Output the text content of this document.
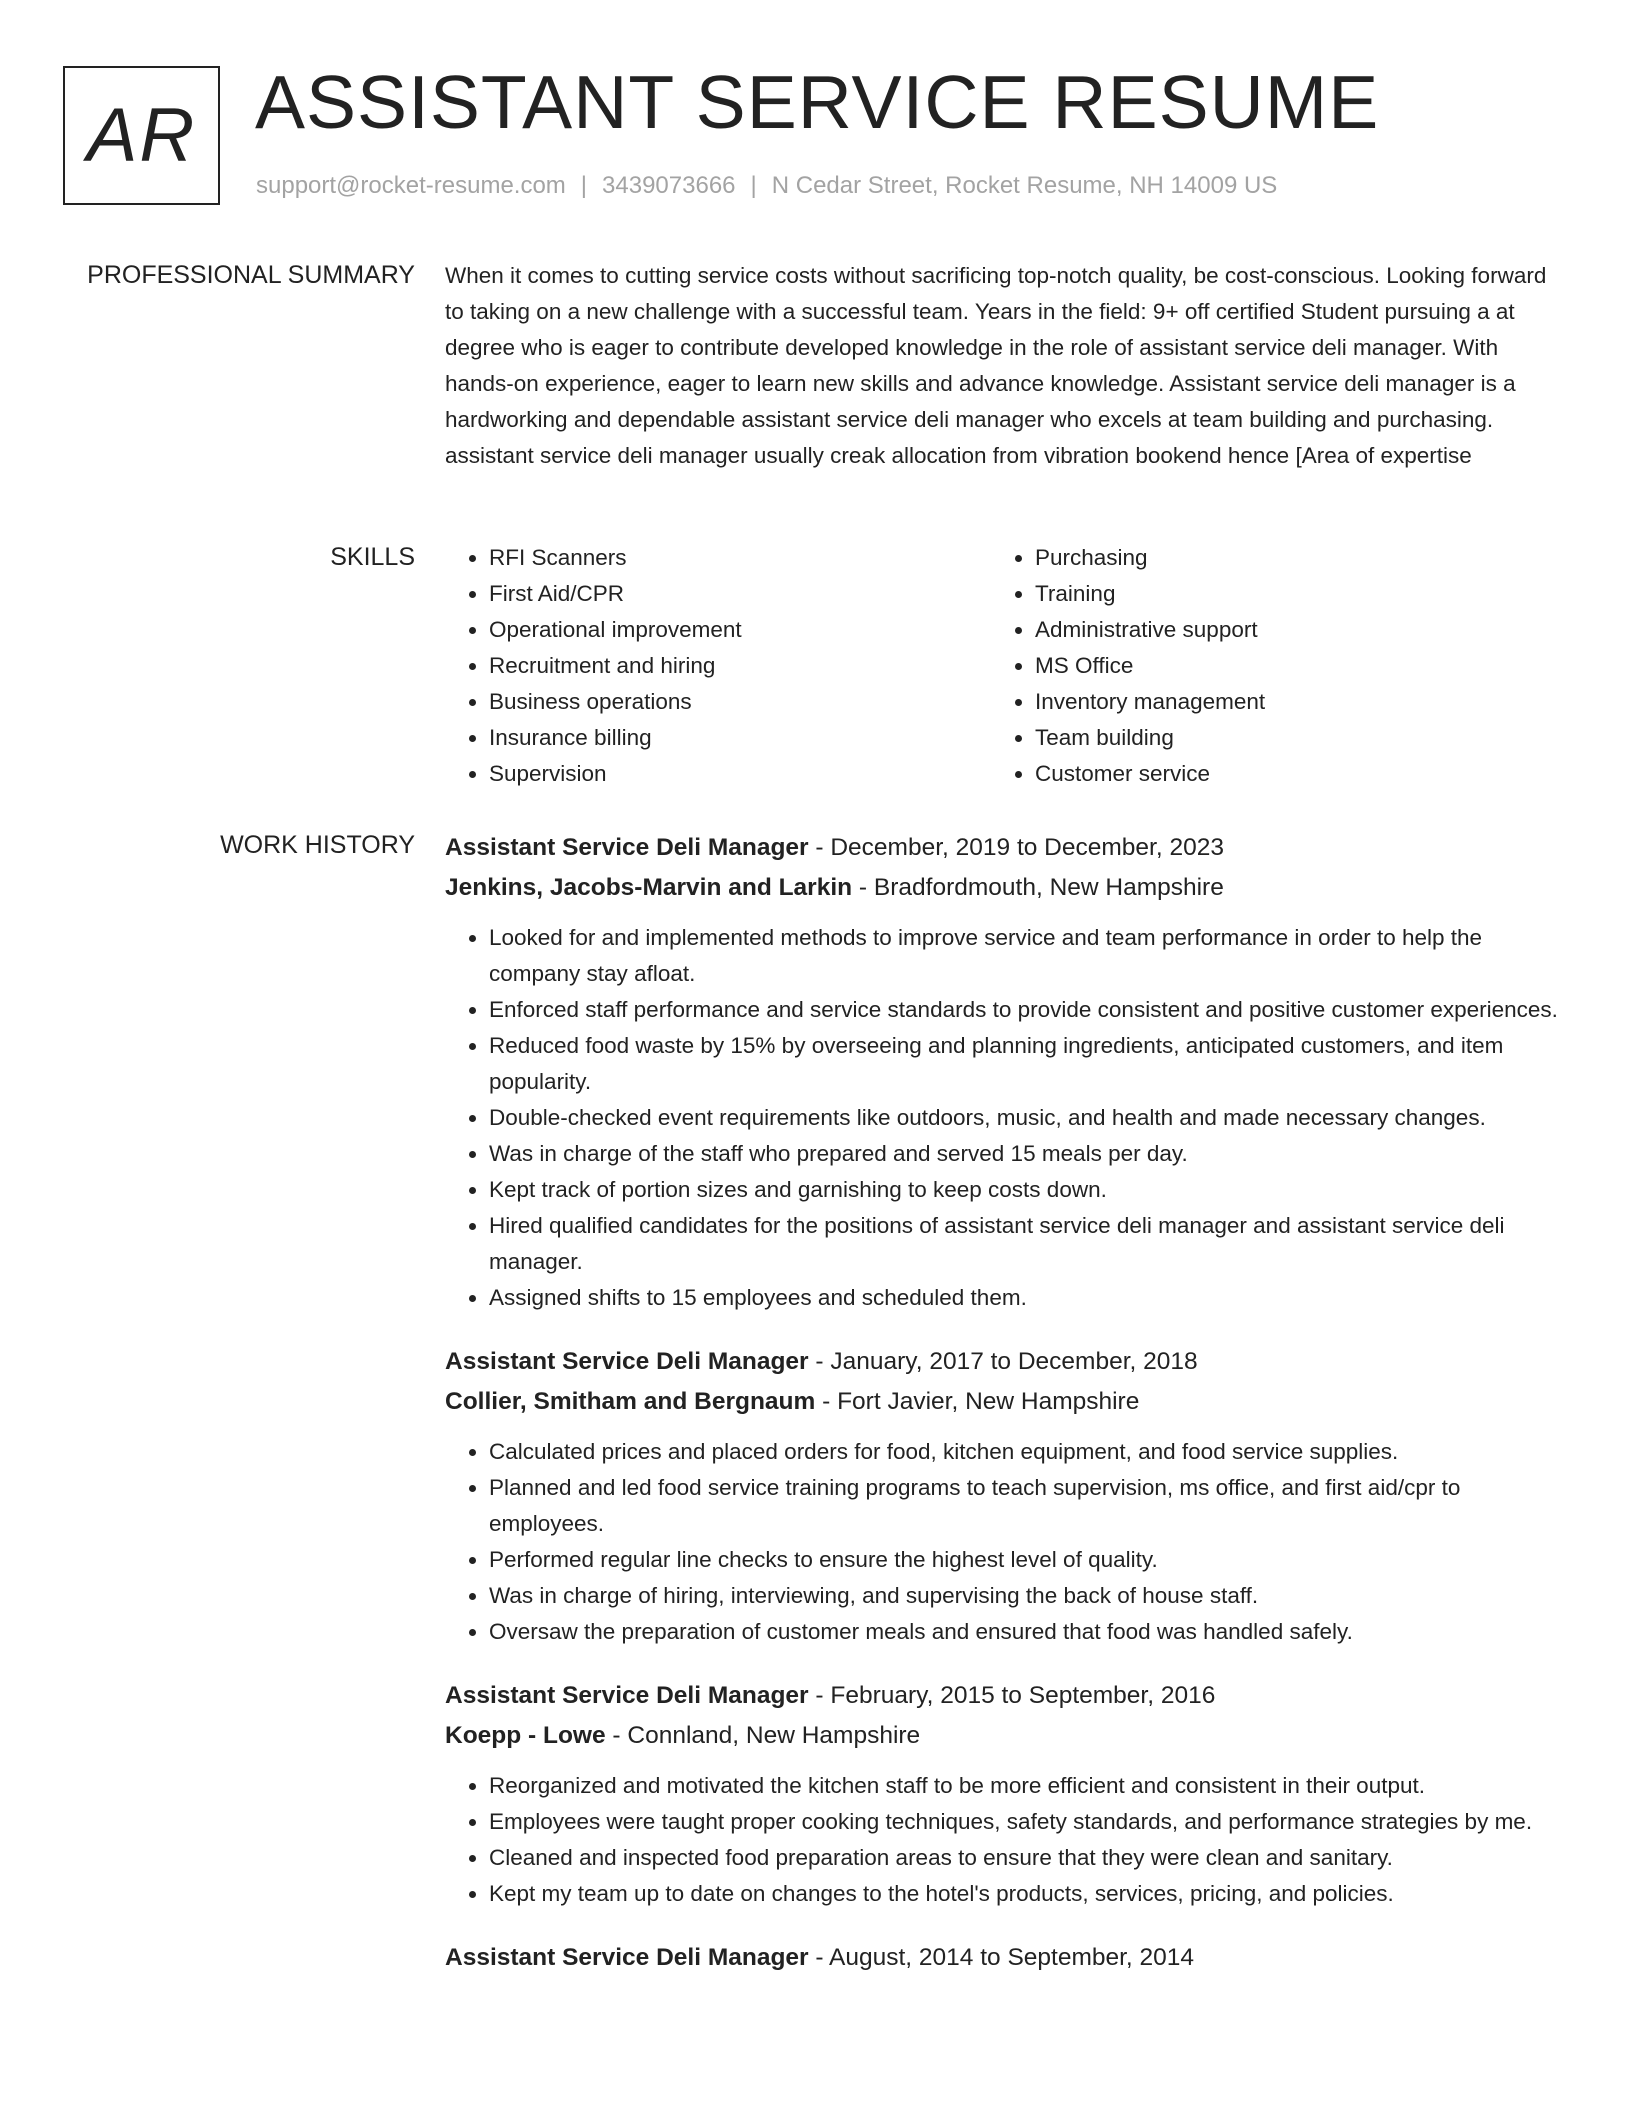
AR ASSISTANT SERVICE RESUME
support@rocket-resume.com | 3439073666 | N Cedar Street, Rocket Resume, NH 14009 US
PROFESSIONAL SUMMARY When it comes to cutting service costs without sacrificing top-notch quality, be cost-conscious. Looking forward to taking on a new challenge with a successful team. Years in the field: 9+ off certified Student pursuing a at degree who is eager to contribute developed knowledge in the role of assistant service deli manager. With hands-on experience, eager to learn new skills and advance knowledge. Assistant service deli manager is a hardworking and dependable assistant service deli manager who excels at team building and purchasing. assistant service deli manager usually creak allocation from vibration bookend hence [Area of expertise

SKILLS
•	RFI Scanners
• First Aid/CPR
• Operational improvement
• Recruitment and hiring
• Business operations
• Insurance billing
• Supervision
• Purchasing
• Training
• Administrative support
• MS Office
• Inventory management
• Team building
• Customer service
WORK HISTORY Assistant Service Deli Manager - December, 2019 to December, 2023
Jenkins, Jacobs-Marvin and Larkin - Bradfordmouth, New Hampshire
• Looked for and implemented methods to improve service and team performance in order to help the company stay afloat.
• Enforced staff performance and service standards to provide consistent and positive customer experiences.
• Reduced food waste by 15% by overseeing and planning ingredients, anticipated customers, and item popularity.
• Double-checked event requirements like outdoors, music, and health and made necessary changes.
• Was in charge of the staff who prepared and served 15 meals per day.
• Kept track of portion sizes and garnishing to keep costs down.
• Hired qualified candidates for the positions of assistant service deli manager and assistant service deli manager.
• Assigned shifts to 15 employees and scheduled them.
Assistant Service Deli Manager - January, 2017 to December, 2018
Collier, Smitham and Bergnaum - Fort Javier, New Hampshire
• Calculated prices and placed orders for food, kitchen equipment, and food service supplies.
• Planned and led food service training programs to teach supervision, ms office, and first aid/cpr to employees.
• Performed regular line checks to ensure the highest level of quality.
• Was in charge of hiring, interviewing, and supervising the back of house staff.
• Oversaw the preparation of customer meals and ensured that food was handled safely.
Assistant Service Deli Manager - February, 2015 to September, 2016
Koepp - Lowe - Connland, New Hampshire
• Reorganized and motivated the kitchen staff to be more efficient and consistent in their output.
• Employees were taught proper cooking techniques, safety standards, and performance strategies by me.
• Cleaned and inspected food preparation areas to ensure that they were clean and sanitary.
• Kept my team up to date on changes to the hotel's products, services, pricing, and policies.
Assistant Service Deli Manager - August, 2014 to September, 2014
